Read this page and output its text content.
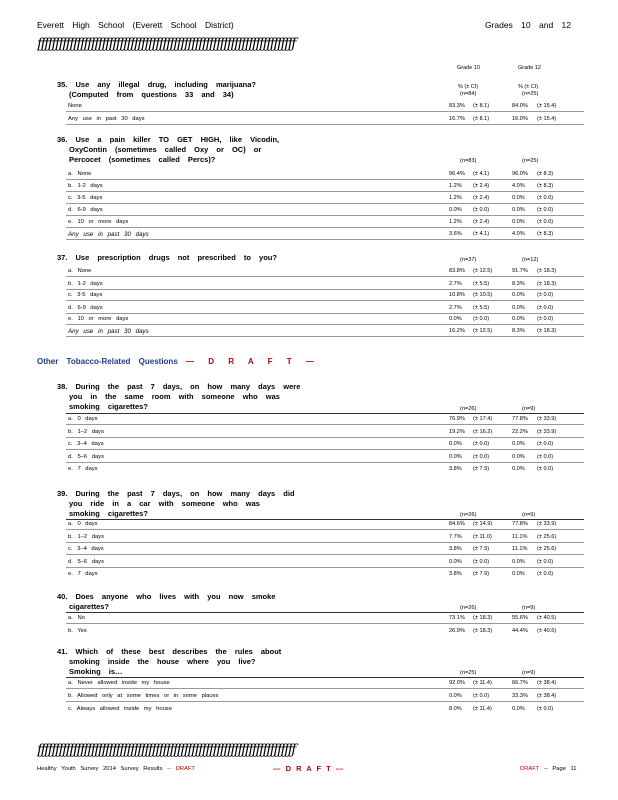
Everett High School (Everett School District)	Grades 10 and 12
ƒƒƒƒƒƒƒƒƒƒƒƒƒƒƒƒƒƒƒƒƒƒƒƒƒƒƒƒƒƒƒƒƒƒƒƒƒƒƒƒƒƒƒƒƒƒƒƒƒƒƒƒƒƒƒƒƒƒƒƒƒƒƒƒƒƒƒƒƒƒƒƒ
Grade 10	Grade 12
% (± CI)	% (± CI)
Other Tobacco-Related Questions — D R A F T —
ƒƒƒƒƒƒƒƒƒƒƒƒƒƒƒƒƒƒƒƒƒƒƒƒƒƒƒƒƒƒƒƒƒƒƒƒƒƒƒƒƒƒƒƒƒƒƒƒƒƒƒƒƒƒƒƒƒƒƒƒƒƒƒƒƒƒƒƒƒƒƒƒ
Healthy Youth Survey 2014 Survey Results -- DRAFT	--- D R A F T ---	DRAFT -- Page 11
35. Use any illegal drug, including marijuana?
(Computed from questions 33 and 34)	(n=84)	(n=25)
None	83.3% (± 8.1)	84.0% (± 15.4)
Any use in past 30 days	16.7% (± 8.1)	16.0% (± 15.4)
36. Use a pain killer TO GET HIGH, like Vicodin,
OxyContin (sometimes called Oxy or OC) or
Percocet (sometimes called Percs)?	(n=83)	(n=25)
a. None	96.4% (± 4.1)	96.0% (± 8.3)
b. 1-2 days	1.2% (± 2.4)	4.0% (± 8.3)
c. 3-5 days	1.2% (± 2.4)	0.0% (± 0.0)
d. 6-9 days	0.0% (± 0.0)	0.0% (± 0.0)
e. 10 or more days	1.2% (± 2.4)	0.0% (± 0.0)
Any use in past 30 days	3.6% (± 4.1)	4.0% (± 8.3)
37. Use prescription drugs not prescribed to you?	(n=37)	(n=12)
a. None	83.8% (± 12.5)	91.7% (± 18.3)
b. 1-2 days	2.7% (± 5.5)	8.3% (± 18.3)
c. 3-5 days	10.8% (± 10.5)	0.0% (± 0.0)
d. 6-9 days	2.7% (± 5.5)	0.0% (± 0.0)
e. 10 or more days	0.0% (± 0.0)	0.0% (± 0.0)
Any use in past 30 days	16.2% (± 12.5)	8.3% (± 18.3)
38. During the past 7 days, on how many days were
you in the same room with someone who was
smoking cigarettes?	(n=26)	(n=9)
a. 0 days	76.9% (± 17.4)	77.8% (± 33.9)
b. 1–2 days	19.2% (± 16.2)	22.2% (± 33.9)
c. 3–4 days	0.0% (± 0.0)	0.0% (± 0.0)
d. 5–6 days	0.0% (± 0.0)	0.0% (± 0.0)
e. 7 days	3.8% (± 7.9)	0.0% (± 0.0)
39. During the past 7 days, on how many days did
you ride in a car with someone who was
smoking cigarettes?	(n=26)	(n=9)
a. 0 days	84.6% (± 14.9)	77.8% (± 33.9)
b. 1–2 days	7.7% (± 11.0)	11.1% (± 25.6)
c. 3–4 days	3.8% (± 7.9)	11.1% (± 25.6)
d. 5–6 days	0.0% (± 0.0)	0.0% (± 0.0)
e. 7 days	3.8% (± 7.9)	0.0% (± 0.0)
40. Does anyone who lives with you now smoke
cigarettes?	(n=26)	(n=9)
a. No	73.1% (± 18.3)	55.6% (± 40.5)
b. Yes	26.9% (± 18.3)	44.4% (± 40.5)
41. Which of these best describes the rules about
smoking inside the house where you live?
Smoking is…	(n=25)	(n=9)
a. Never allowed inside my house	92.0% (± 11.4)	66.7% (± 38.4)
b. Allowed only at some times or in some places	0.0% (± 0.0)	33.3% (± 38.4)
c. Always allowed inside my house	8.0% (± 11.4)	0.0% (± 0.0)
